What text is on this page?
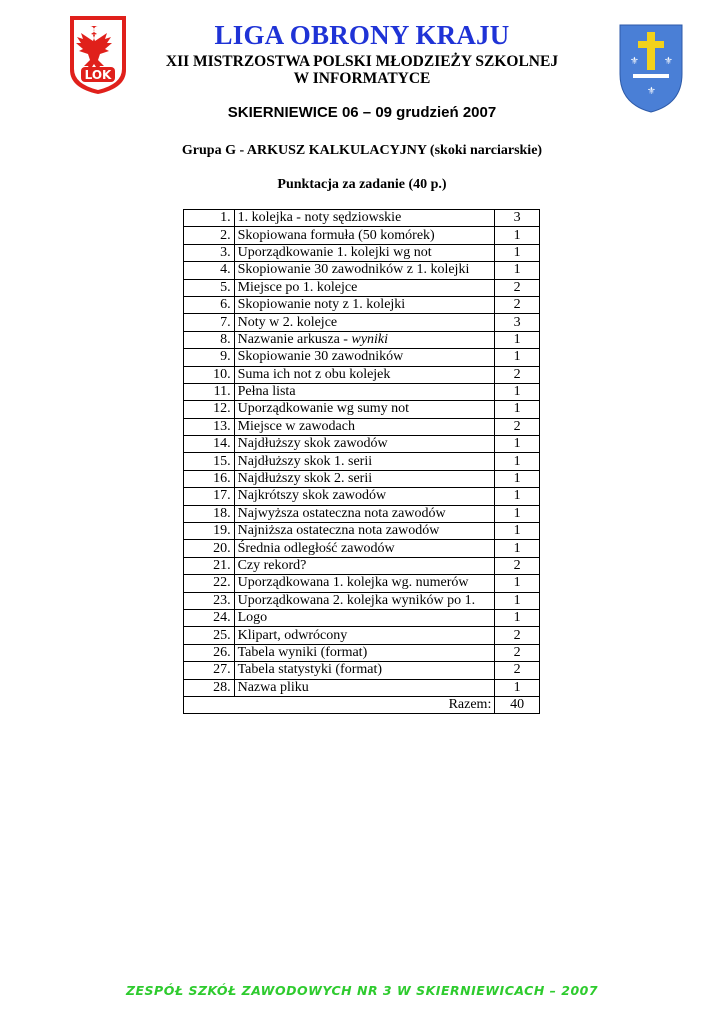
LOK
⚜	⚜
⚜
LIGA OBRONY KRAJU
XII MISTRZOSTWA POLSKI MŁODZIEŻY SZKOLNEJ
W INFORMATYCE
SKIERNIEWICE 06 – 09 grudzień 2007
Grupa G - ARKUSZ KALKULACYJNY (skoki narciarskie)
Punktacja za zadanie (40 p.)
1.	1. kolejka - noty sędziowskie	3
2.	Skopiowana formuła (50 komórek)	1
3.	Uporządkowanie 1. kolejki wg not	1
4.	Skopiowanie 30 zawodników z 1. kolejki	1
5.	Miejsce po 1. kolejce	2
6.	Skopiowanie noty z 1. kolejki	2
7.	Noty w 2. kolejce	3
8.	Nazwanie arkusza - wyniki	1
9.	Skopiowanie 30 zawodników	1
10.	Suma ich not z obu kolejek	2
11.	Pełna lista	1
12.	Uporządkowanie wg sumy not	1
13.	Miejsce w zawodach	2
14.	Najdłuższy skok zawodów	1
15.	Najdłuższy skok 1. serii	1
16.	Najdłuższy skok 2. serii	1
17.	Najkrótszy skok zawodów	1
18.	Najwyższa ostateczna nota zawodów	1
19.	Najniższa ostateczna nota zawodów	1
20.	Średnia odległość zawodów	1
21.	Czy rekord?	2
22.	Uporządkowana 1. kolejka wg. numerów	1
23.	Uporządkowana 2. kolejka wyników po 1.	1
24.	Logo	1
25.	Klipart, odwrócony	2
26.	Tabela wyniki (format)	2
27.	Tabela statystyki (format)	2
28.	Nazwa pliku	1
Razem:		40
ZESPÓŁ SZKÓŁ ZAWODOWYCH NR 3 W SKIERNIEWICACH – 2007
